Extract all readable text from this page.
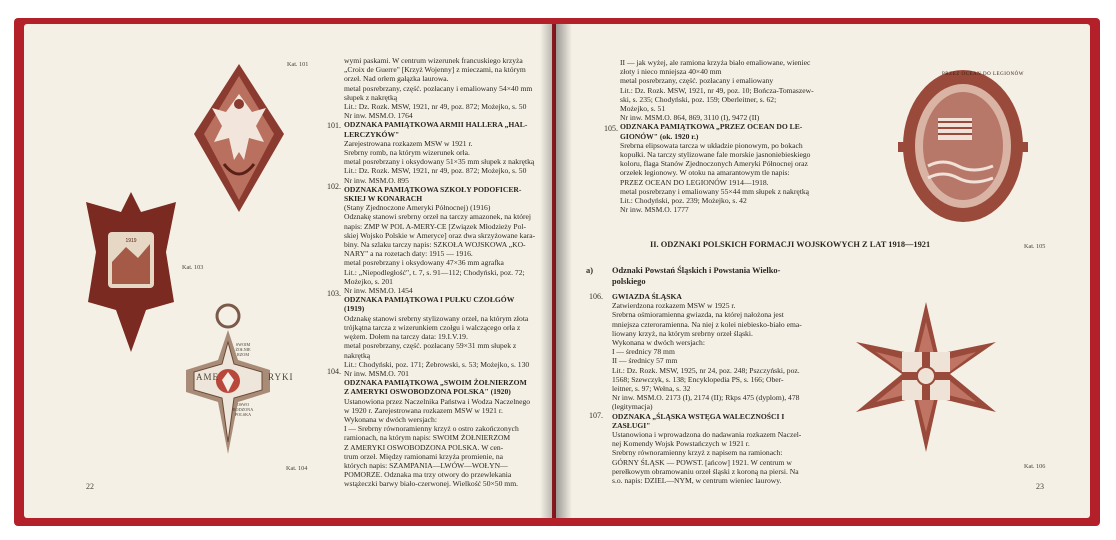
Kat. 101
1919
Kat. 103
SWOIM
ŻOŁNIE
RZOM
AME	RYKI
OSWO
BODZONA
POLSKA
Kat. 104
101.
102.
103.
104.

wymi paskami. W centrum wizerunek francuskiego krzyża

„Croix de Guerre" [Krzyż Wojenny] z mieczami, na którym

orzeł. Nad orłem gałązka laurowa.

metal posrebrzany, część. pozłacany i emaliowany 54×40 mm

słupek z nakrętką

Lit.: Dz. Rozk. MSW, 1921, nr 49, poz. 872; Możejko, s. 50

Nr inw. MSM.O. 1764

ODZNAKA PAMIĄTKOWA ARMII HALLERA „HAL-

LERCZYKÓW"

Zarejestrowana rozkazem MSW w 1921 r.

Srebrny romb, na którym wizerunek orła.

metal posrebrzany i oksydowany 51×35 mm słupek z nakrętką

Lit.: Dz. Rozk. MSW, 1921, nr 49, poz. 872; Możejko, s. 50

Nr inw. MSM.O. 895

ODZNAKA PAMIĄTKOWA SZKOŁY PODOFICER-

SKIEJ W KONARACH

(Stany Zjednoczone Ameryki Północnej) (1916)

Odznakę stanowi srebrny orzeł na tarczy amazonek, na której

napis: ZMP W POL A-MERY-CE [Związek Młodzieży Pol-

skiej Wojsko Polskie w Ameryce] oraz dwa skrzyżowane karа-

biny. Na szlaku tarczy napis: SZKOŁA WOJSKOWA „KO-

NARY" a na rozetach daty: 1915 — 1916.

metal posrebrzany i oksydowany 47×36 mm agrafka

Lit.: „Niepodległość", t. 7, s. 91—112; Chodyński, poz. 72;

Możejko, s. 201

Nr inw. MSM.O. 1454

ODZNAKA PAMIĄTKOWA I PUŁKU CZOŁGÓW

(1919)

Odznakę stanowi srebrny stylizowany orzeł, na którym złota

trójkątna tarcza z wizerunkiem czołgu i walczącego orła z

wężem. Dołem na tarczy data: 19.I.V.19.

metal posrebrzany, część. pozłacany 59×31 mm słupek z

nakrętką

Lit.: Chodyński, poz. 171; Żebrowski, s. 53; Możejko, s. 130

Nr inw. MSM.O. 701

ODZNAKA PAMIĄTKOWA „SWOIM ŻOŁNIERZOM

Z AMERYKI OSWOBODZONA POLSKA" (1920)

Ustanowiona przez Naczelnika Państwa i Wodza Naczelnego

w 1920 r. Zarejestrowana rozkazem MSW w 1921 r.

Wykonana w dwóch wersjach:

I — Srebrny równoramienny krzyż o ostro zakończonych

ramionach, na którym napis: SWOIM ŻOŁNIERZOM

Z AMERYKI OSWOBODZONA POLSKA. W cen-

trum orzeł. Między ramionami krzyża promienie, na

których napis: SZAMPANIA—LWÓW—WOŁYN—

POMORZE. Odznaka ma trzy otwory do przewlekania

wstążeczki barwy biało-czerwonej. Wielkość 50×50 mm.

22
105.

II — jak wyżej, ale ramiona krzyża biało emaliowane, wieniec

złoty i nieco mniejsza 40×40 mm

metal posrebrzany, część. pozłacany i emaliowany

Lit.: Dz. Rozk. MSW, 1921, nr 49, poz. 10; Bończa-Tomaszew-

ski, s. 235; Chodyński, poz. 159; Oberleitner, s. 62;

Możejko, s. 51

Nr inw. MSM.O. 864, 869, 3110 (I), 9472 (II)

ODZNAKA PAMIĄTKOWA „PRZEZ OCEAN DO LE-

GIONÓW" (ok. 1920 r.)

Srebrna elipsowata tarcza w układzie pionowym, po bokach

kopułki. Na tarczy stylizowane fale morskie jasnoniebieskiego

koloru, flaga Stanów Zjednoczonych Ameryki Północnej oraz

orzełek legionowy. W otoku na amarantowym tle napis:

PRZEZ OCEAN DO LEGIONÓW 1914—1918.

metal posrebrzany i emaliowany 55×44 mm słupek z nakrętką

Lit.: Chodyński, poz. 239; Możejko, s. 42

Nr inw. MSM.O. 1777

PRZEZ OCEAN DO LEGIONÓW
Kat. 105
II. ODZNAKI POLSKICH FORMACJI WOJSKOWYCH Z LAT 1918—1921
a) Odznaki Powstań Śląskich i Powstania Wielko-
polskiego
106.
107.

GWIAZDA ŚLĄSKA

Zatwierdzona rozkazem MSW w 1925 r.

Srebrna ośmioramienna gwiazda, na której nałożona jest

mniejsza czteroramienna. Na niej z kolei niebiesko-biało ema-

liowany krzyż, na którym srebrny orzeł śląski.

Wykonana w dwóch wersjach:

I — średnicy 78 mm

II — średnicy 57 mm

Lit.: Dz. Rozk. MSW, 1925, nr 24, poz. 248; Pszczyński, poz.

1568; Szewczyk, s. 138; Encyklopedia PS, s. 166; Ober-

leitner, s. 97; Wełna, s. 32

Nr inw. MSM.O. 2173 (I), 2174 (II); Rkps 475 (dyplom), 478

(legitymacja)

ODZNAKA „ŚLĄSKA WSTĘGA WALECZNOŚCI I

ZASŁUGI"

Ustanowiona i wprowadzona do nadawania rozkazem Naczel-

nej Komendy Wojsk Powstańczych w 1921 r.

Srebrny równoramienny krzyż z napisem na ramionach:

GÓRNY ŚLĄSK — POWST. [ańcow] 1921. W centrum w

perełkowym obramowaniu orzeł śląski z koroną na piersi. Na

s.o. napis: DZIEL—NYM, w centrum wieniec laurowy.

Kat. 106
23
